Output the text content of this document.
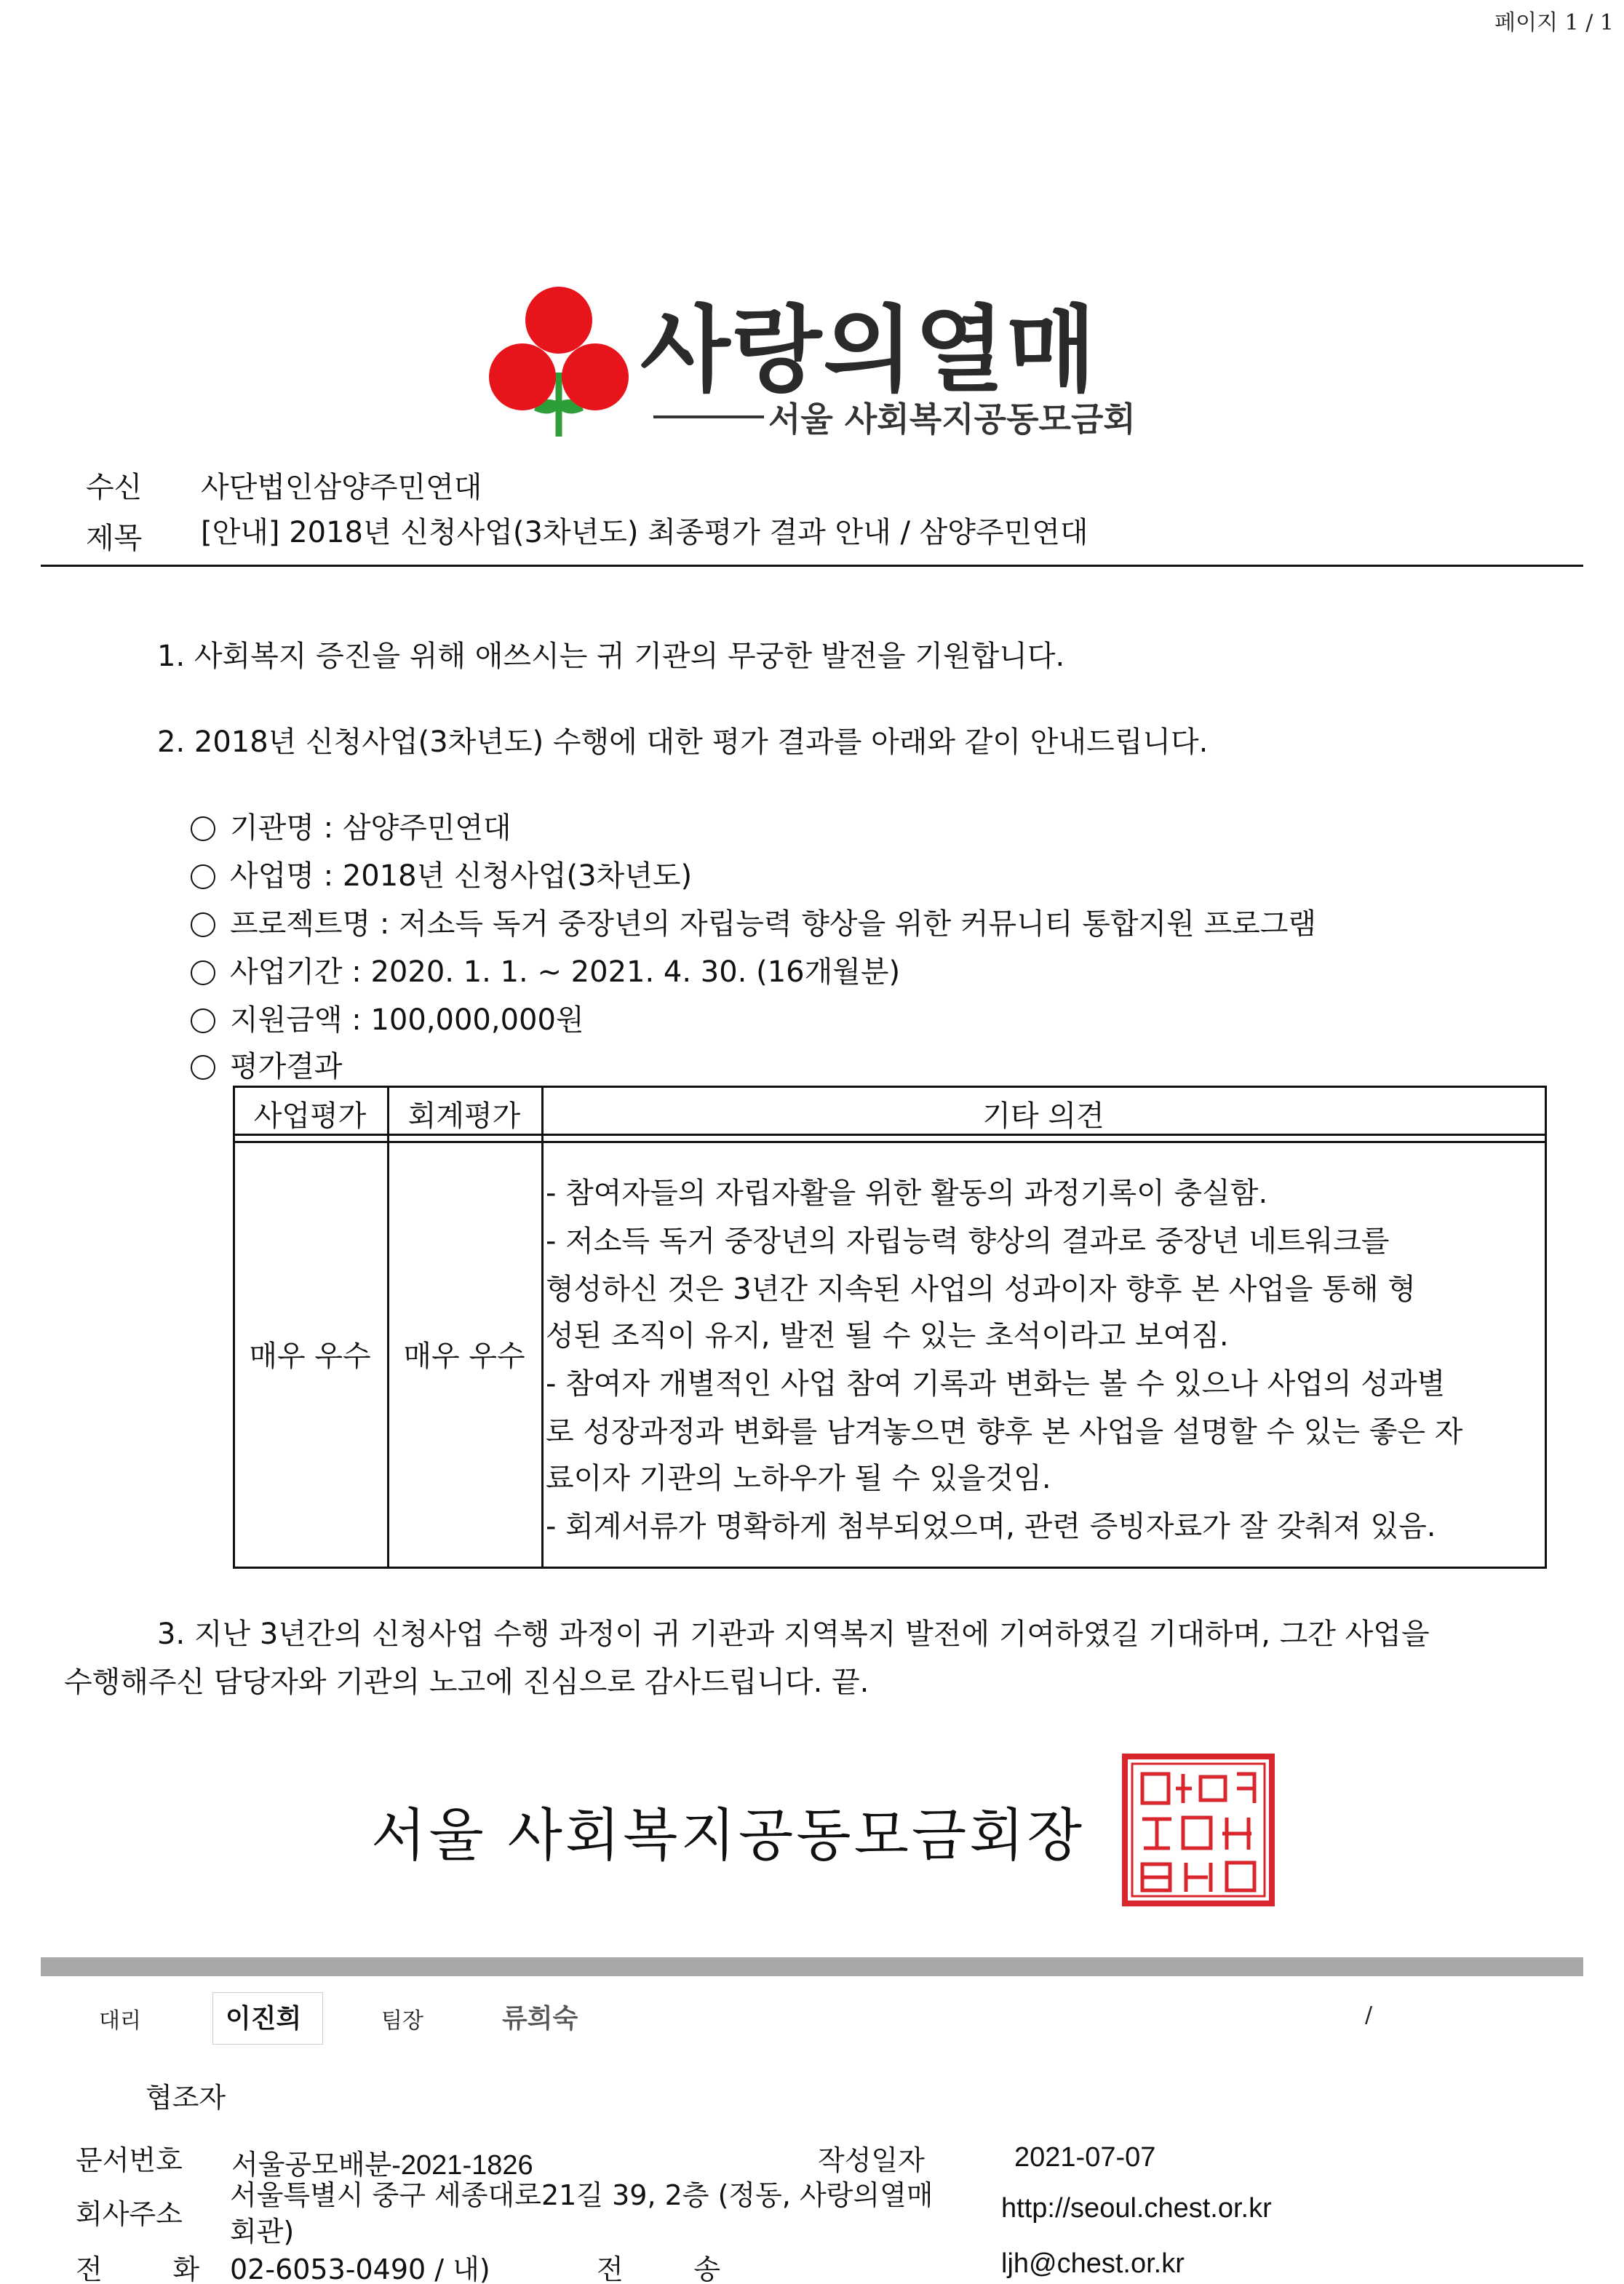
페이지 1 / 1
사랑의열매
서울 사회복지공동모금회
수신 사단법인삼양주민연대
제목 [안내] 2018년 신청사업(3차년도) 최종평가 결과 안내 / 삼양주민연대
1. 사회복지 증진을 위해 애쓰시는 귀 기관의 무궁한 발전을 기원합니다.
2. 2018년 신청사업(3차년도) 수행에 대한 평가 결과를 아래와 같이 안내드립니다.
기관명 : 삼양주민연대
사업명 : 2018년 신청사업(3차년도)
프로젝트명 : 저소득 독거 중장년의 자립능력 향상을 위한 커뮤니티 통합지원 프로그램
사업기간 : 2020. 1. 1. ~ 2021. 4. 30. (16개월분)
지원금액 : 100,000,000원
평가결과
사업평가	회계평가	기타 의견
매우 우수	매우 우수
- 참여자들의 자립자활을 위한 활동의 과정기록이 충실함.
- 저소득 독거 중장년의 자립능력 향상의 결과로 중장년 네트워크를
형성하신 것은 3년간 지속된 사업의 성과이자 향후 본 사업을 통해 형
성된 조직이 유지, 발전 될 수 있는 초석이라고 보여짐.
- 참여자 개별적인 사업 참여 기록과 변화는 볼 수 있으나 사업의 성과별
로 성장과정과 변화를 남겨놓으면 향후 본 사업을 설명할 수 있는 좋은 자
료이자 기관의 노하우가 될 수 있을것임.
- 회계서류가 명확하게 첨부되었으며, 관련 증빙자료가 잘 갖춰져 있음.
3. 지난 3년간의 신청사업 수행 과정이 귀 기관과 지역복지 발전에 기여하였길 기대하며, 그간 사업을
수행해주신 담당자와 기관의 노고에 진심으로 감사드립니다. 끝.
서울 사회복지공동모금회장
대리	이진희	팀장	류희숙	/
협조자
문서번호 서울공모배분-2021-1826	작성일자	2021-07-07
회사주소
서울특별시 중구 세종대로21길 39, 2층 (정동, 사랑의열매
회관)
http://seoul.chest.or.kr
전        화 02-6053-0490 / 내)	전        송	ljh@chest.or.kr
